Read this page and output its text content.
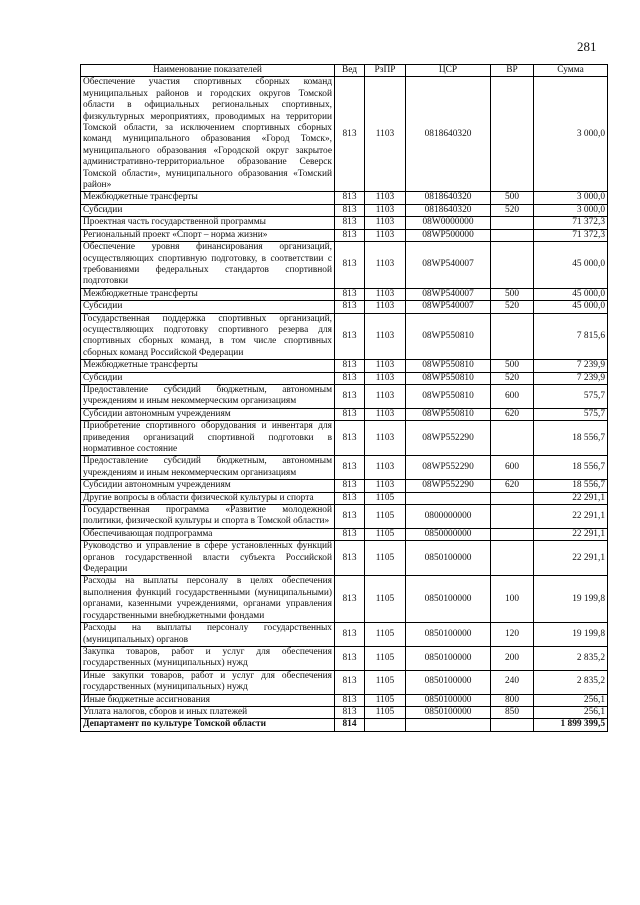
281
Наименование показателей	Вед	РзПР	ЦСР	ВР	Сумма
Обеспечение участия спортивных сборных команд муниципальных районов и городских округов Томской области в официальных региональных спортивных, физкультурных мероприятиях, проводимых на территории Томской области, за исключением спортивных сборных команд муниципального образования «Город Томск», муниципального образования «Городской округ закрытое административно-территориальное образование Северск Томской области», муниципального образования «Томский район»	813	1103	0818640320		3 000,0
Межбюджетные трансферты	813	1103	0818640320	500	3 000,0
Субсидии	813	1103	0818640320	520	3 000,0
Проектная часть государственной программы	813	1103	08W0000000		71 372,3
Региональный проект «Спорт – норма жизни»	813	1103	08WP500000		71 372,3
Обеспечение уровня финансирования организаций, осуществляющих спортивную подготовку, в соответствии с требованиями федеральных стандартов спортивной подготовки	813	1103	08WP540007		45 000,0
Межбюджетные трансферты	813	1103	08WP540007	500	45 000,0
Субсидии	813	1103	08WP540007	520	45 000,0
Государственная поддержка спортивных организаций, осуществляющих подготовку спортивного резерва для спортивных сборных команд, в том числе спортивных сборных команд Российской Федерации	813	1103	08WP550810		7 815,6
Межбюджетные трансферты	813	1103	08WP550810	500	7 239,9
Субсидии	813	1103	08WP550810	520	7 239,9
Предоставление субсидий бюджетным, автономным учреждениям и иным некоммерческим организациям	813	1103	08WP550810	600	575,7
Субсидии автономным учреждениям	813	1103	08WP550810	620	575,7
Приобретение спортивного оборудования и инвентаря для приведения организаций спортивной подготовки в нормативное состояние	813	1103	08WP552290		18 556,7
Предоставление субсидий бюджетным, автономным учреждениям и иным некоммерческим организациям	813	1103	08WP552290	600	18 556,7
Субсидии автономным учреждениям	813	1103	08WP552290	620	18 556,7
Другие вопросы в области физической культуры и спорта	813	1105			22 291,1
Государственная программа «Развитие молодежной политики, физической культуры и спорта в Томской области»	813	1105	0800000000		22 291,1
Обеспечивающая подпрограмма	813	1105	0850000000		22 291,1
Руководство и управление в сфере установленных функций органов государственной власти субъекта Российской Федерации	813	1105	0850100000		22 291,1
Расходы на выплаты персоналу в целях обеспечения выполнения функций государственными (муниципальными) органами, казенными учреждениями, органами управления государственными внебюджетными фондами	813	1105	0850100000	100	19 199,8
Расходы на выплаты персоналу государственных (муниципальных) органов	813	1105	0850100000	120	19 199,8
Закупка товаров, работ и услуг для обеспечения государственных (муниципальных) нужд	813	1105	0850100000	200	2 835,2
Иные закупки товаров, работ и услуг для обеспечения государственных (муниципальных) нужд	813	1105	0850100000	240	2 835,2
Иные бюджетные ассигнования	813	1105	0850100000	800	256,1
Уплата налогов, сборов и иных платежей	813	1105	0850100000	850	256,1
Департамент по культуре Томской области	814				1 899 399,5
